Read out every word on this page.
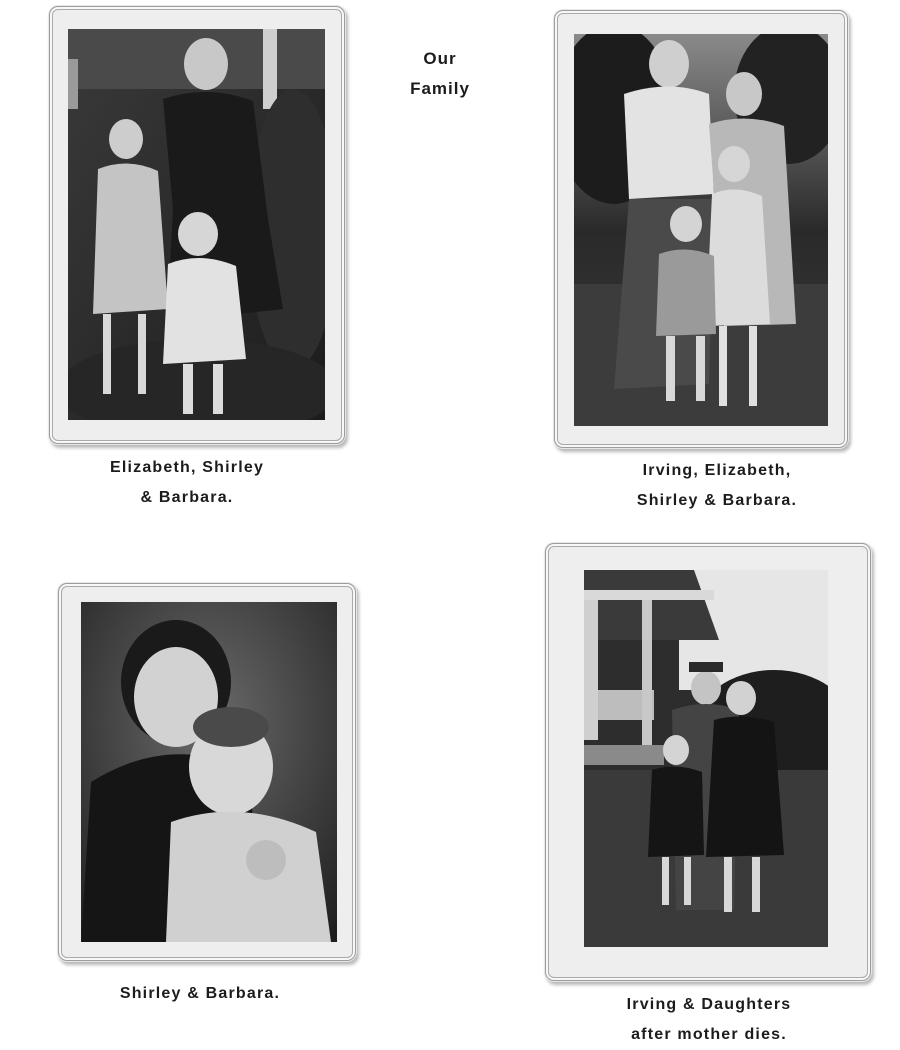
Our
Family
Elizabeth, Shirley
& Barbara.
Irving, Elizabeth,
Shirley & Barbara.
Shirley & Barbara.
Irving & Daughters
after mother dies.
